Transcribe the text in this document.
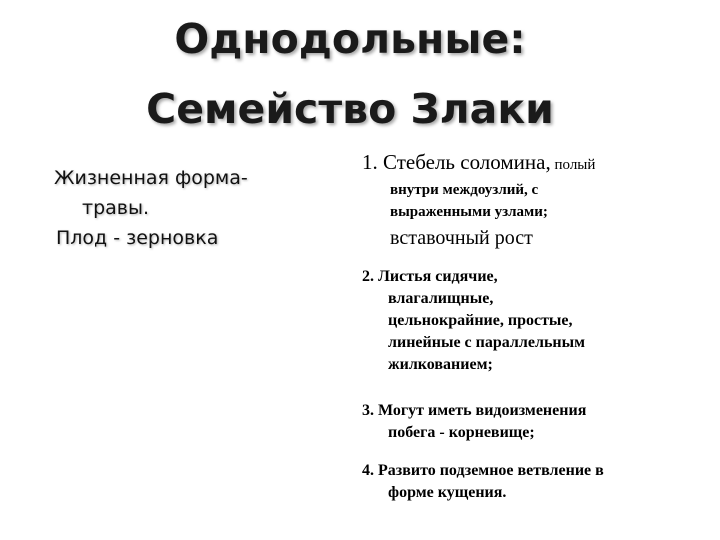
Однодольные:
Семейство Злаки
Жизненная форма-
травы.
Плод - зерновка
1. Стебель соломина, полый
внутри междоузлий, с
выраженными узлами;
вставочный рост
2. Листья сидячие,
влагалищные,
цельнокрайние, простые,
линейные с параллельным
жилкованием;
3. Могут иметь видоизменения
побега - корневище;
4. Развито подземное ветвление в
форме кущения.
